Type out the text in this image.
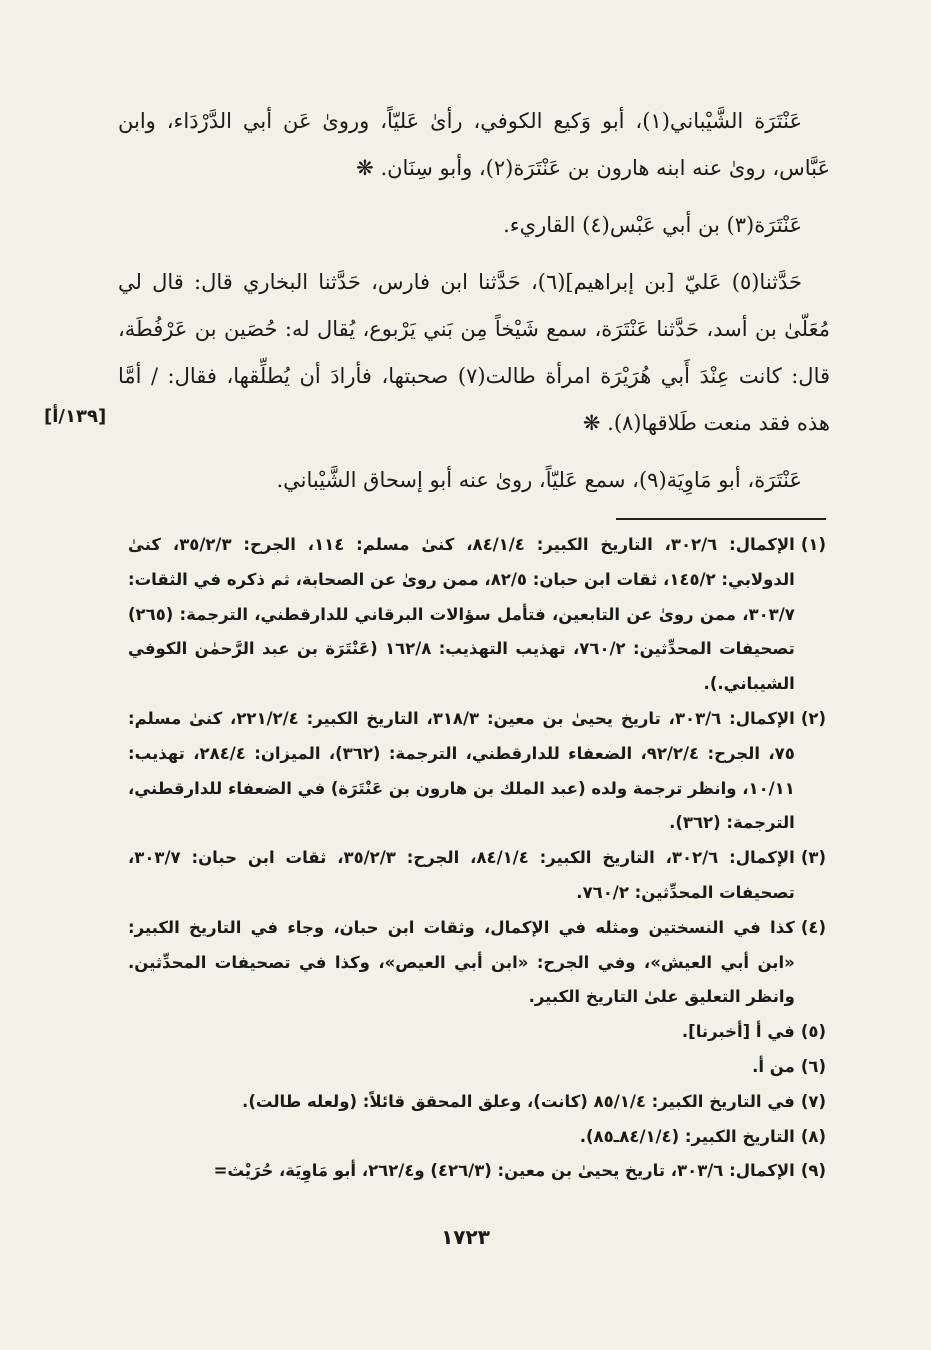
عَنْتَرَة الشَّيْباني(١)، أبو وَكيع الكوفي، رأىٰ عَليّاً، وروىٰ عَن أبي الدَّرْدَاء، وابن عَبَّاس، روىٰ عنه ابنه هارون بن عَنْتَرَة(٢)، وأبو سِنَان. ❋

عَنْتَرَة(٣) بن أبي عَبْس(٤) القاريء.

حَدَّثنا(٥) عَليّ [بن إبراهيم](٦)، حَدَّثنا ابن فارس، حَدَّثنا البخاري قال: قال لي مُعَلّىٰ بن أسد، حَدَّثنا عَنْتَرَة، سمع شَيْخاً مِن بَني يَرْبوع، يُقال له: حُصَين بن عَرْفُطَة، قال: كانت عِنْدَ أَبي هُرَيْرَة امرأة طالت(٧) صحبتها، فأرادَ أن يُطلِّقها، فقال: / أمَّا هذه فقد منعت طَلاقها(٨). ❋

عَنْتَرَة، أبو مَاوِيَة(٩)، سمع عَليّاً، روىٰ عنه أبو إسحاق الشَّيْباني.

[١٣٩/أ]
(١)
الإكمال: ٣٠٢/٦، التاريخ الكبير: ٨٤/١/٤، كنىٰ مسلم: ١١٤، الجرح: ٣٥/٢/٣، كنىٰ الدولابي: ١٤٥/٢، ثقات ابن حبان: ٨٢/٥، ممن روىٰ عن الصحابة، ثم ذكره في الثقات: ٣٠٣/٧، ممن روىٰ عن التابعين، فتأمل سؤالات البرقاني للدارقطني، الترجمة: (٢٦٥) تصحيفات المحدِّثين: ٧٦٠/٢، تهذيب التهذيب: ١٦٢/٨ (عَنْتَرَة بن عبد الرَّحمٰن الكوفي الشيباني.).
(٢)
الإكمال: ٣٠٣/٦، تاريخ يحيىٰ بن معين: ٣١٨/٣، التاريخ الكبير: ٢٢١/٢/٤، كنىٰ مسلم: ٧٥، الجرح: ٩٢/٢/٤، الضعفاء للدارقطني، الترجمة: (٣٦٢)، الميزان: ٢٨٤/٤، تهذيب: ١٠/١١، وانظر ترجمة ولده (عبد الملك بن هارون بن عَنْتَرَة) في الضعفاء للدارقطني، الترجمة: (٣٦٢).
(٣)
الإكمال: ٣٠٢/٦، التاريخ الكبير: ٨٤/١/٤، الجرح: ٣٥/٢/٣، ثقات ابن حبان: ٣٠٣/٧، تصحيفات المحدِّثين: ٧٦٠/٢.
(٤)
كذا في النسختين ومثله في الإكمال، وثقات ابن حبان، وجاء في التاريخ الكبير: «ابن أبي العيش»، وفي الجرح: «ابن أبي العيص»، وكذا في تصحيفات المحدِّثين. وانظر التعليق علىٰ التاريخ الكبير.
(٥)
في أ [أخبرنا].
(٦)
من أ.
(٧)
في التاريخ الكبير: ٨٥/١/٤ (كانت)، وعلق المحقق قائلاً: (ولعله طالت).
(٨)
التاريخ الكبير: (٨٤/١/٤ـ٨٥).
(٩)
الإكمال: ٣٠٣/٦، تاريخ يحيىٰ بن معين: (٤٢٦/٣) و٢٦٢/٤، أبو مَاوِيَة، حُرَيْث=
١٧٢٣
